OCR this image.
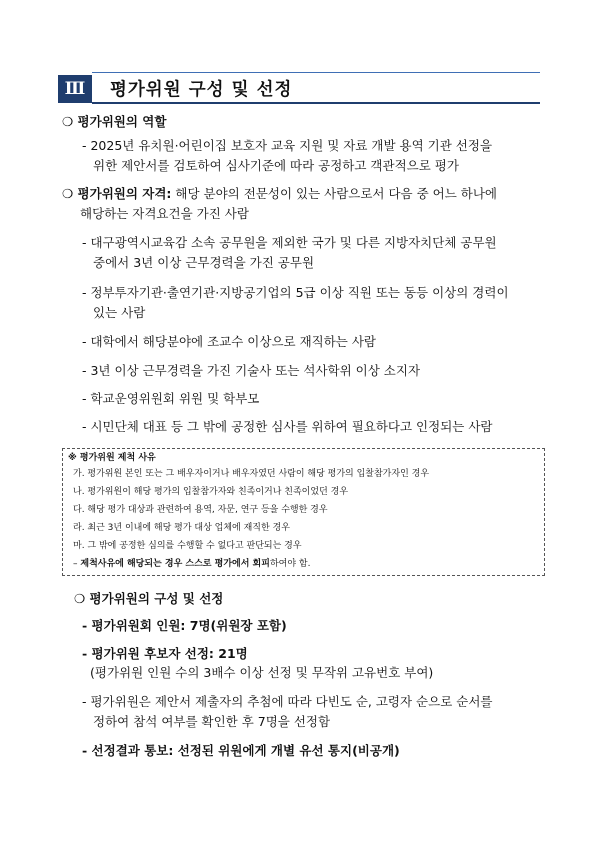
Ⅲ	평가위원 구성 및 선정
❍ 평가위원의 역할
- 2025년 유치원·어린이집 보호자 교육 지원 및 자료 개발 용역 기관 선정을
위한 제안서를 검토하여 심사기준에 따라 공정하고 객관적으로 평가
❍ 평가위원의 자격: 해당 분야의 전문성이 있는 사람으로서 다음 중 어느 하나에
해당하는 자격요건을 가진 사람
- 대구광역시교육감 소속 공무원을 제외한 국가 및 다른 지방자치단체 공무원
중에서 3년 이상 근무경력을 가진 공무원
- 정부투자기관·출연기관·지방공기업의 5급 이상 직원 또는 동등 이상의 경력이
있는 사람
- 대학에서 해당분야에 조교수 이상으로 재직하는 사람
- 3년 이상 근무경력을 가진 기술사 또는 석사학위 이상 소지자
- 학교운영위원회 위원 및 학부모
- 시민단체 대표 등 그 밖에 공정한 심사를 위하여 필요하다고 인정되는 사람
※ 평가위원 제척 사유
가. 평가위원 본인 또는 그 배우자이거나 배우자였던 사람이 해당 평가의 입찰참가자인 경우
나. 평가위원이 해당 평가의 입찰참가자와 친족이거나 친족이었던 경우
다. 해당 평가 대상과 관련하여 용역, 자문, 연구 등을 수행한 경우
라. 최근 3년 이내에 해당 평가 대상 업체에 재직한 경우
마. 그 밖에 공정한 심의를 수행할 수 없다고 판단되는 경우
– 제척사유에 해당되는 경우 스스로 평가에서 회피하여야 함.
❍ 평가위원의 구성 및 선정
- 평가위원회 인원: 7명(위원장 포함)
- 평가위원 후보자 선정: 21명
(평가위원 인원 수의 3배수 이상 선정 및 무작위 고유번호 부여)
- 평가위원은 제안서 제출자의 추첨에 따라 다빈도 순, 고령자 순으로 순서를
정하여 참석 여부를 확인한 후 7명을 선정함
- 선정결과 통보: 선정된 위원에게 개별 유선 통지(비공개)
